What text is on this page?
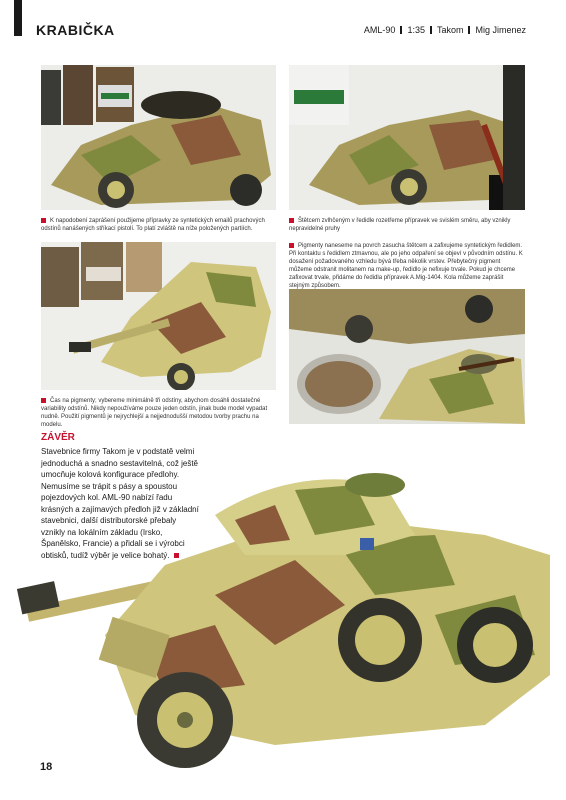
KRABIČKA	AML-90 1:35 Takom Mig Jimenez
K napodobení zaprášení použijeme přípravky ze syntetických emailů prachových odstínů nanášených stříkací pistolí. To platí zvláště na níže položených partiích.
Štětcem zvlhčeným v ředidle rozetřeme přípravek ve svislém směru, aby vznikly nepravidelné pruhy
Čas na pigmenty; vybereme minimálně tři odstíny, abychom dosáhli dostatečné variability odstínů. Nikdy nepoužíváme pouze jeden odstín, jinak bude model vypadat nudně. Použití pigmentů je nejrychlejší a nejjednodušší metodou tvorby prachu na modelu.
Pigmenty naneseme na povrch zasucha štětcem a zafixujeme syntetickým ředidlem. Při kontaktu s ředidlem ztmavnou, ale po jeho odpaření se objeví v původním odstínu. K dosažení požadovaného vzhledu bývá třeba několik vrstev. Přebytečný pigment můžeme odstranit molitanem na make-up, ředidlo je nefixuje trvale. Pokud je chceme zafixovat trvale, přidáme do ředidla přípravek A.Mig-1404. Kola můžeme zaprášit stejným způsobem.
ZÁVĚR
Stavebnice firmy Takom je v podstatě velmi jednoduchá a snadno sestavitelná, což ještě umocňuje kolová konfigurace předlohy. Nemusíme se trápit s pásy a spoustou pojezdových kol. AML-90 nabízí řadu krásných a zajímavých předloh již v základní stavebnici, další distributorské přebaly vznikly na lokálním základu (Irsko, Španělsko, Francie) a přidali se i výrobci obtisků, tudíž výběr je velice bohatý.
18
